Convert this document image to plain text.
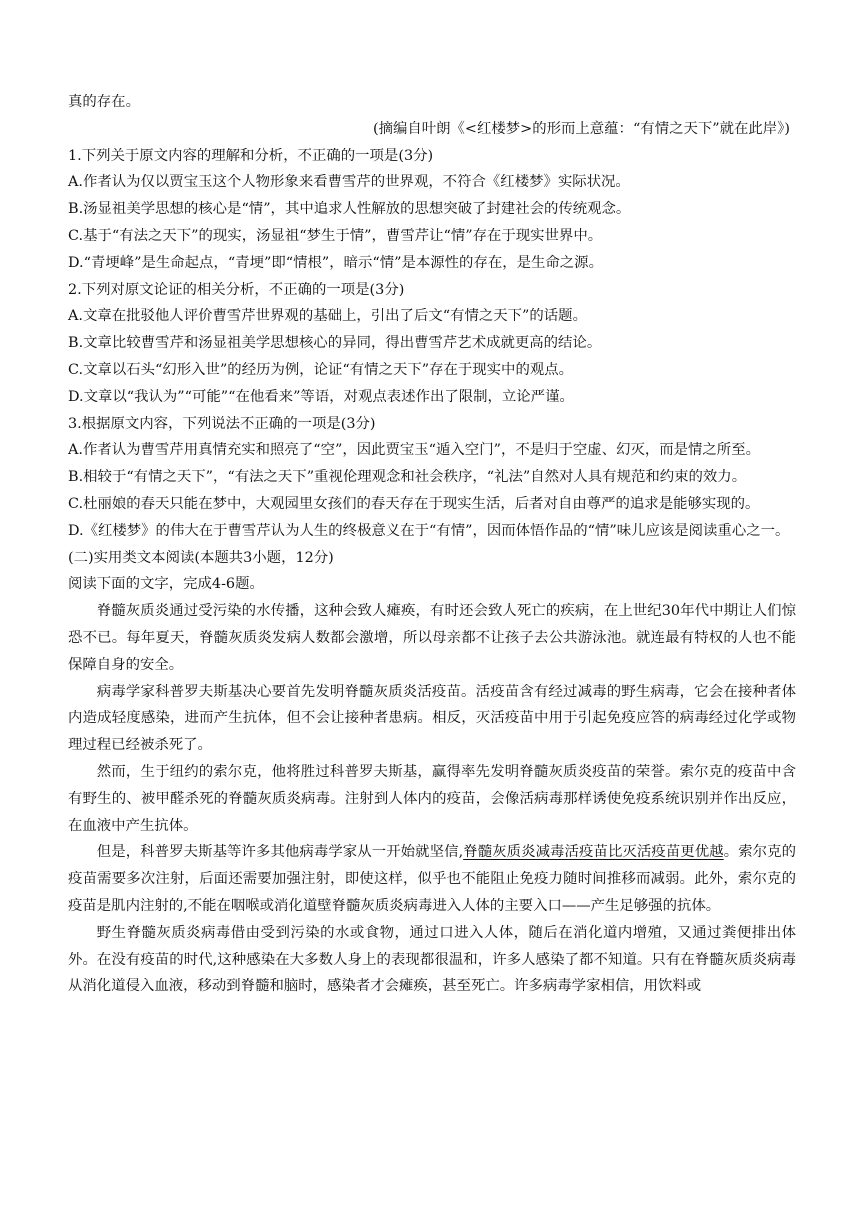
真的存在。

(摘编自叶朗《<红楼梦>的形而上意蕴：“有情之天下”就在此岸》)

1.下列关于原文内容的理解和分析，不正确的一项是(3分)

A.作者认为仅以贾宝玉这个人物形象来看曹雪芹的世界观，不符合《红楼梦》实际状况。

B.汤显祖美学思想的核心是“情”，其中追求人性解放的思想突破了封建社会的传统观念。

C.基于“有法之天下”的现实，汤显祖“梦生于情”，曹雪芹让“情”存在于现实世界中。

D.“青埂峰”是生命起点，“青埂”即“情根”，暗示“情”是本源性的存在，是生命之源。

2.下列对原文论证的相关分析，不正确的一项是(3分)

A.文章在批驳他人评价曹雪芹世界观的基础上，引出了后文“有情之天下”的话题。

B.文章比较曹雪芹和汤显祖美学思想核心的异同，得出曹雪芹艺术成就更高的结论。

C.文章以石头“幻形入世”的经历为例，论证“有情之天下”存在于现实中的观点。

D.文章以“我认为”“可能”“在他看来”等语，对观点表述作出了限制，立论严谨。

3.根据原文内容，下列说法不正确的一项是(3分)

A.作者认为曹雪芹用真情充实和照亮了“空”，因此贾宝玉“遁入空门”，不是归于空虚、幻灭，而是情之所至。

B.相较于“有情之天下”，“有法之天下”重视伦理观念和社会秩序，“礼法”自然对人具有规范和约束的效力。

C.杜丽娘的春天只能在梦中，大观园里女孩们的春天存在于现实生活，后者对自由尊严的追求是能够实现的。

D.《红楼梦》的伟大在于曹雪芹认为人生的终极意义在于“有情”，因而体悟作品的“情”味儿应该是阅读重心之一。

(二)实用类文本阅读(本题共3小题，12分)

阅读下面的文字，完成4-6题。

脊髓灰质炎通过受污染的水传播，这种会致人瘫痪，有时还会致人死亡的疾病，在上世纪30年代中期让人们惊恐不已。每年夏天，脊髓灰质炎发病人数都会激增，所以母亲都不让孩子去公共游泳池。就连最有特权的人也不能保障自身的安全。

病毒学家科普罗夫斯基决心要首先发明脊髓灰质炎活疫苗。活疫苗含有经过减毒的野生病毒，它会在接种者体内造成轻度感染，进而产生抗体，但不会让接种者患病。相反，灭活疫苗中用于引起免疫应答的病毒经过化学或物理过程已经被杀死了。

然而，生于纽约的索尔克，他将胜过科普罗夫斯基，赢得率先发明脊髓灰质炎疫苗的荣誉。索尔克的疫苗中含有野生的、被甲醛杀死的脊髓灰质炎病毒。注射到人体内的疫苗，会像活病毒那样诱使免疫系统识别并作出反应，在血液中产生抗体。

但是，科普罗夫斯基等许多其他病毒学家从一开始就坚信,脊髓灰质炎减毒活疫苗比灭活疫苗更优越。索尔克的疫苗需要多次注射，后面还需要加强注射，即使这样，似乎也不能阻止免疫力随时间推移而减弱。此外，索尔克的疫苗是肌内注射的,不能在咽喉或消化道壁脊髓灰质炎病毒进入人体的主要入口——产生足够强的抗体。

野生脊髓灰质炎病毒借由受到污染的水或食物，通过口进入人体，随后在消化道内增殖，又通过粪便排出体外。在没有疫苗的时代,这种感染在大多数人身上的表现都很温和，许多人感染了都不知道。只有在脊髓灰质炎病毒从消化道侵入血液，移动到脊髓和脑时，感染者才会瘫痪，甚至死亡。许多病毒学家相信，用饮料或
